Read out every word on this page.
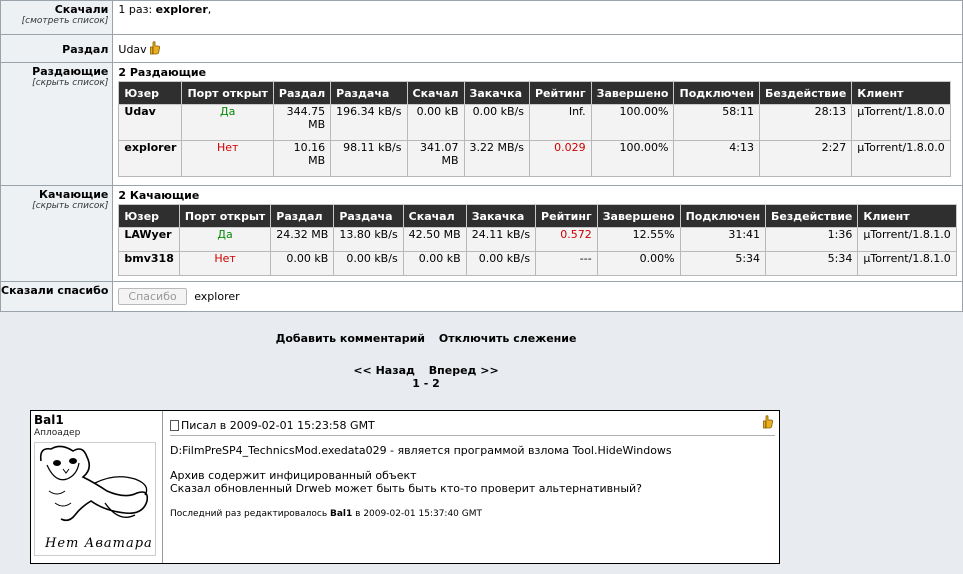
Скачали
[смотреть список]
	1 раз: explorer,

Раздал	Udav

Раздающие
[скрыть список]

2 Раздающие
Юзер	Порт открыт	Раздал	Раздача	Скачал	Закачка	Рейтинг	Завершено	Подключен	Бездействие	Клиент
Udav	Да	344.75 MB	196.34 kB/s	0.00 kB	0.00 kB/s	Inf.	100.00%	58:11	28:13	µTorrent/1.8.0.0
explorer	Нет	10.16 MB	98.11 kB/s	341.07 MB	3.22 MB/s	0.029	100.00%	4:13	2:27	µTorrent/1.8.0.0

Качающие
[скрыть список]

2 Качающие
Юзер	Порт открыт	Раздал	Раздача	Скачал	Закачка	Рейтинг	Завершено	Подключен	Бездействие	Клиент
LAWyer	Да	24.32 MB	13.80 kB/s	42.50 MB	24.11 kB/s	0.572	12.55%	31:41	1:36	µTorrent/1.8.1.0
bmv318	Нет	0.00 kB	0.00 kB/s	0.00 kB	0.00 kB/s	---	0.00%	5:34	5:34	µTorrent/1.8.1.0

Сказали спасибо	Спасибо explorer
Добавить комментарий Отключить слежение
<< Назад Вперед >>
1 - 2
Bal1
Аплоадер
Нет Аватара
Писал в 2009-02-01 15:23:58 GMT
D:FilmPreSP4_TechnicsMod.exedata029 - является программой взлома Tool.HideWindows
Архив содержит инфицированный объект
Сказал обновленный Drweb может быть быть кто-то проверит альтернативный?
Последний раз редактировалось Bal1 в 2009-02-01 15:37:40 GMT
